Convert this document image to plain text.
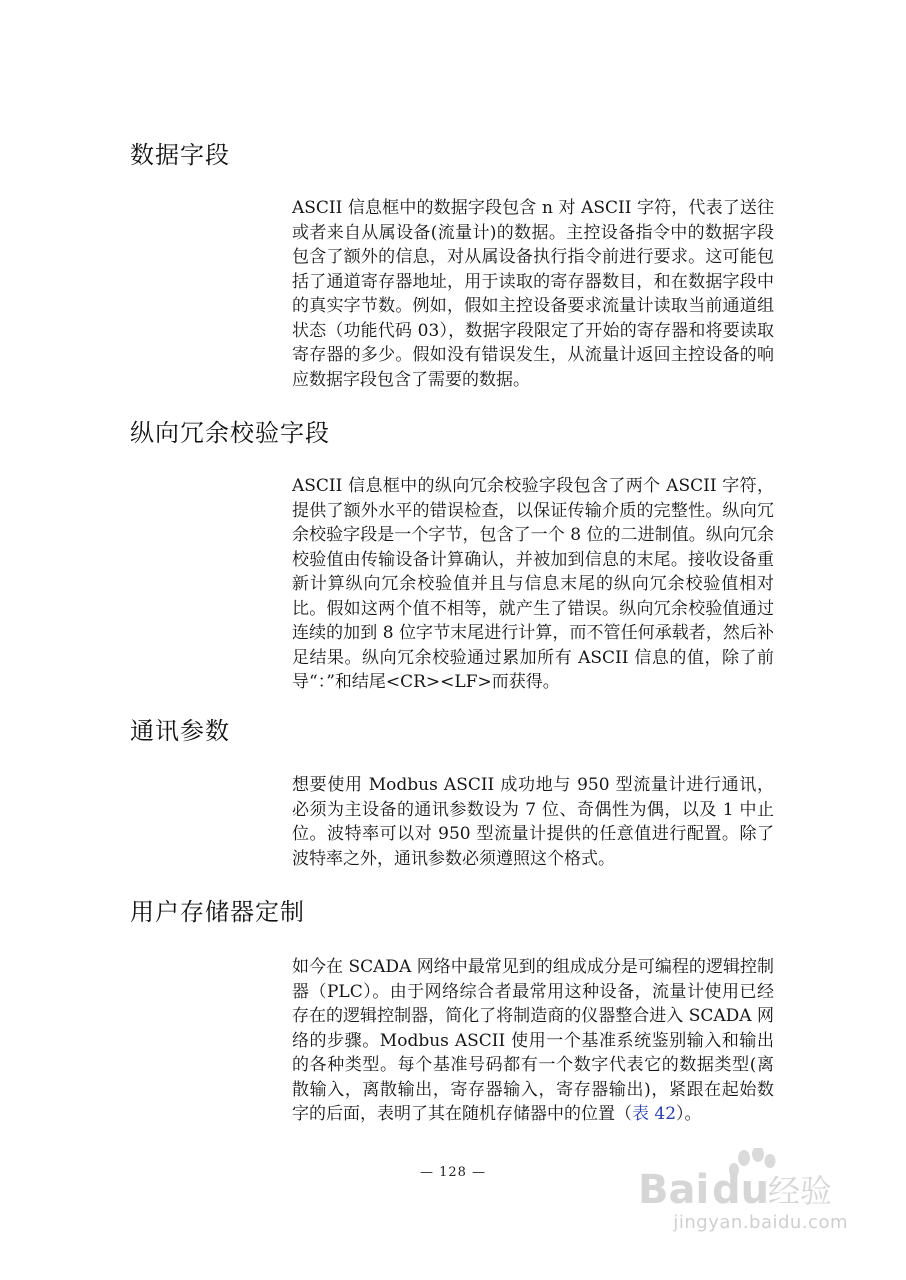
数据字段

ASCII 信息框中的数据字段包含 n 对 ASCII 字符，代表了送往或者来自从属设备(流量计)的数据。主控设备指令中的数据字段包含了额外的信息，对从属设备执行指令前进行要求。这可能包括了通道寄存器地址，用于读取的寄存器数目，和在数据字段中的真实字节数。例如，假如主控设备要求流量计读取当前通道组状态（功能代码 03），数据字段限定了开始的寄存器和将要读取寄存器的多少。假如没有错误发生，从流量计返回主控设备的响应数据字段包含了需要的数据。

纵向冗余校验字段

ASCII 信息框中的纵向冗余校验字段包含了两个 ASCII 字符，提供了额外水平的错误检查，以保证传输介质的完整性。纵向冗余校验字段是一个字节，包含了一个 8 位的二进制值。纵向冗余校验值由传输设备计算确认，并被加到信息的末尾。接收设备重新计算纵向冗余校验值并且与信息末尾的纵向冗余校验值相对比。假如这两个值不相等，就产生了错误。纵向冗余校验值通过连续的加到 8 位字节末尾进行计算，而不管任何承载者，然后补足结果。纵向冗余校验通过累加所有 ASCII 信息的值，除了前导“：”和结尾<CR><LF>而获得。

通讯参数

想要使用 Modbus ASCII 成功地与 950 型流量计进行通讯，必须为主设备的通讯参数设为 7 位、奇偶性为偶，以及 1 中止位。波特率可以对 950 型流量计提供的任意值进行配置。除了波特率之外，通讯参数必须遵照这个格式。

用户存储器定制

如今在 SCADA 网络中最常见到的组成成分是可编程的逻辑控制器（PLC）。由于网络综合者最常用这种设备，流量计使用已经存在的逻辑控制器，简化了将制造商的仪器整合进入 SCADA 网络的步骤。Modbus ASCII 使用一个基准系统鉴别输入和输出的各种类型。每个基准号码都有一个数字代表它的数据类型(离散输入，离散输出，寄存器输入，寄存器输出)，紧跟在起始数字的后面，表明了其在随机存储器中的位置（表 42）。

— 128 —	Bai du
经验
jingyan.baidu.com
